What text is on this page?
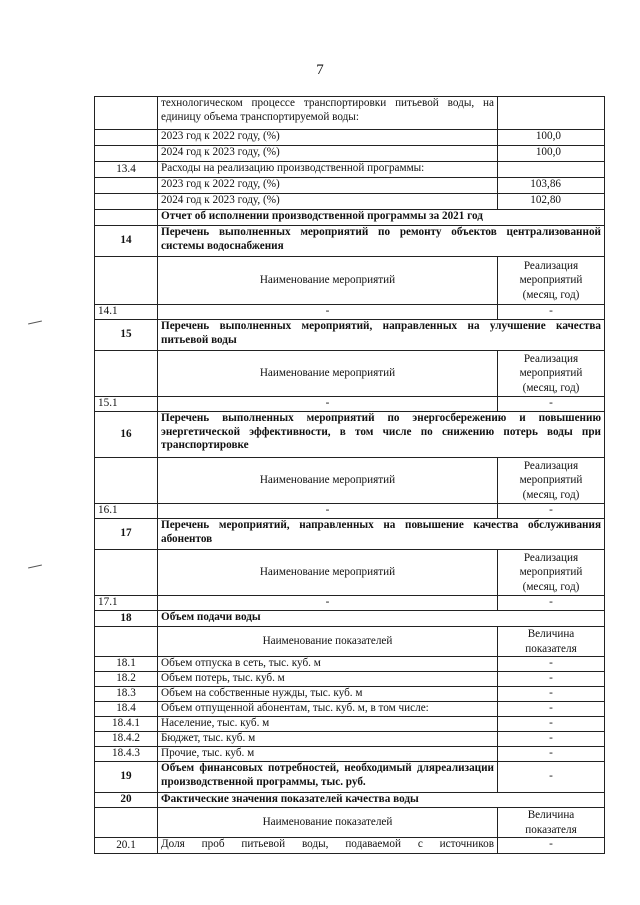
7
	технологическом процессе транспортировки питьевой воды, на единицу объема транспортируемой воды:	
	2023 год к 2022 году, (%)	100,0
	2024 год к 2023 году, (%)	100,0
13.4	Расходы на реализацию производственной программы:	
	2023 год к 2022 году, (%)	103,86
	2024 год к 2023 году, (%)	102,80
	Отчет об исполнении производственной программы за 2021 год	
14	Перечень выполненных мероприятий по ремонту объектов централизованной системы водоснабжения	
	Наименование мероприятий	Реализация мероприятий (месяц, год)
14.1	-	-
15	Перечень выполненных мероприятий, направленных на улучшение качества питьевой воды	
	Наименование мероприятий	Реализация мероприятий (месяц, год)
15.1	-	-
16	Перечень выполненных мероприятий по энергосбережению и повышению энергетической эффективности, в том числе по снижению потерь воды при транспортировке	
	Наименование мероприятий	Реализация мероприятий (месяц, год)
16.1	-	-
17	Перечень мероприятий, направленных на повышение качества обслуживания абонентов	
	Наименование мероприятий	Реализация мероприятий (месяц, год)
17.1	-	-
18	Объем подачи воды	
	Наименование показателей	Величина показателя
18.1	Объем отпуска в сеть, тыс. куб. м	-
18.2	Объем потерь, тыс. куб. м	-
18.3	Объем на собственные нужды, тыс. куб. м	-
18.4	Объем отпущенной абонентам, тыс. куб. м, в том числе:	-
18.4.1	Население, тыс. куб. м	-
18.4.2	Бюджет, тыс. куб. м	-
18.4.3	Прочие, тыс. куб. м	-
19	Объем финансовых потребностей, необходимый дляреализации производственной программы, тыс. руб.	-
20	Фактические значения показателей качества воды	
	Наименование показателей	Величина показателя
20.1	Доля проб питьевой воды, подаваемой с источников	-
